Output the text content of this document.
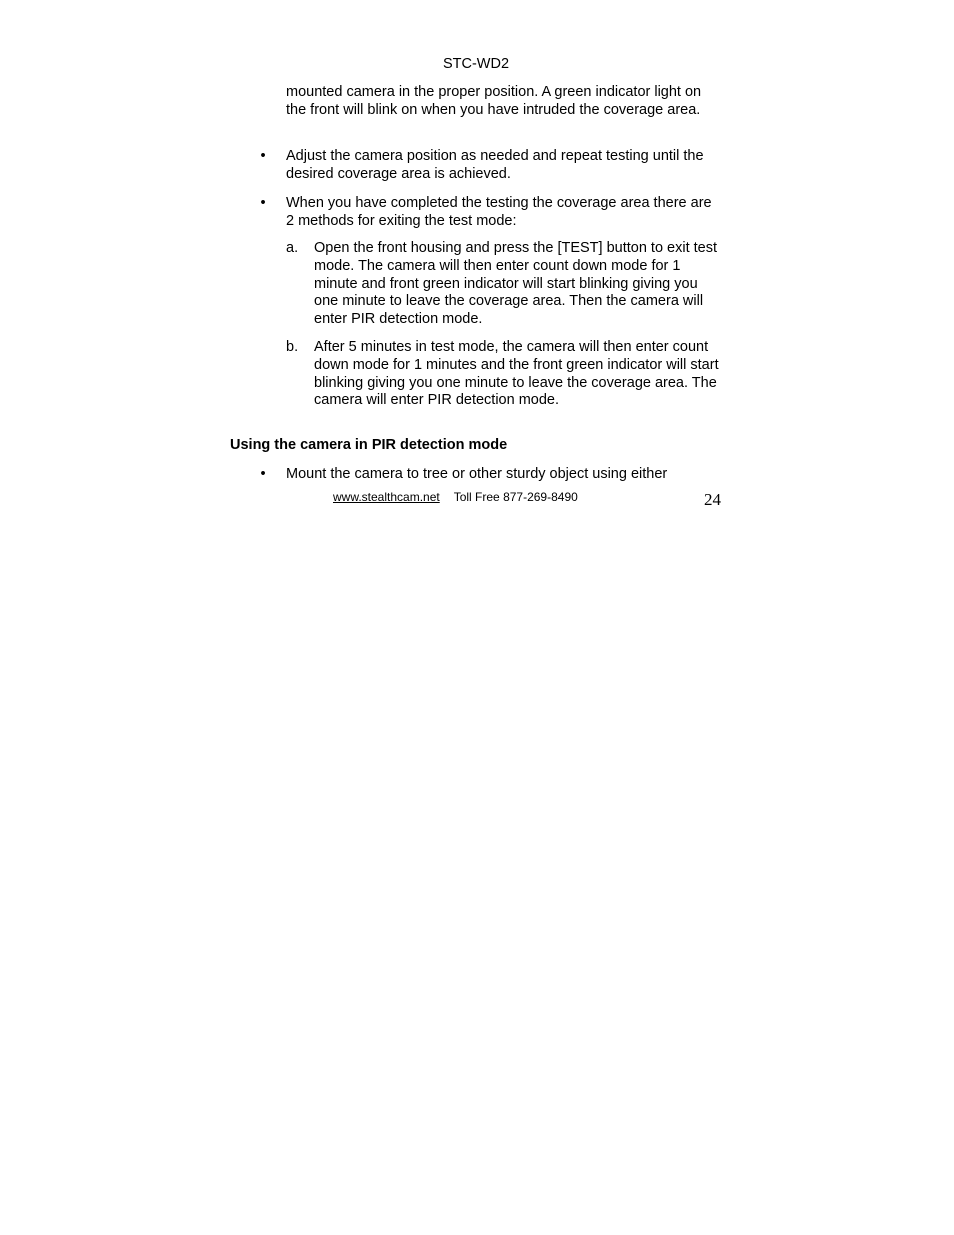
STC-WD2
mounted camera in the proper position. A green indicator light on the front will blink on when you have intruded the coverage area.
•	Adjust the camera position as needed and repeat testing until the desired coverage area is achieved.
•	When you have completed the testing the coverage area there are 2 methods for exiting the test mode:
a. Open the front housing and press the [TEST] button to exit test mode. The camera will then enter count down mode for 1 minute and front green indicator will start blinking giving you one minute to leave the coverage area. Then the camera will enter PIR detection mode.
b. After 5 minutes in test mode, the camera will then enter count down mode for 1 minutes and the front green indicator will start blinking giving you one minute to leave the coverage area. The camera will enter PIR detection mode.
Using the camera in PIR detection mode
•	Mount the camera to tree or other sturdy object using either
www.stealthcam.net Toll Free 877-269-8490	24
